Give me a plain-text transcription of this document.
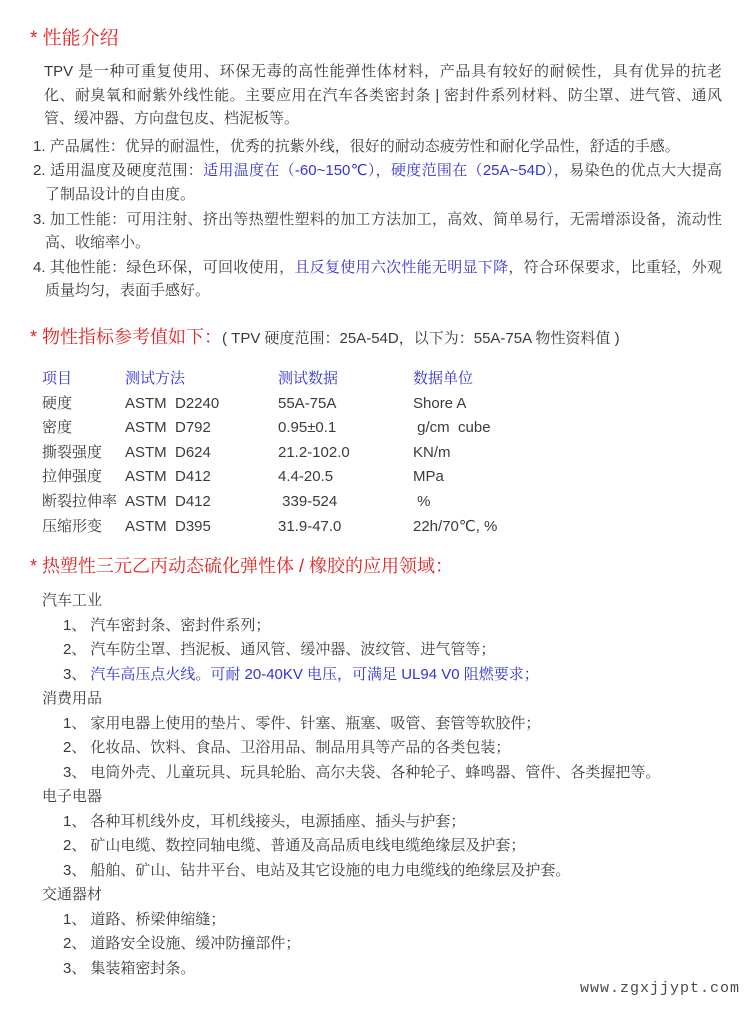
* 性能介绍

TPV 是一种可重复使用、环保无毒的高性能弹性体材料，产品具有较好的耐候性，具有优异的抗老化、耐臭氧和耐紫外线性能。主要应用在汽车各类密封条 | 密封件系列材料、防尘罩、进气管、通风管、缓冲器、方向盘包皮、档泥板等。

1. 产品属性：优异的耐温性，优秀的抗紫外线，很好的耐动态疲劳性和耐化学品性，舒适的手感。
2. 适用温度及硬度范围：适用温度在（-60~150℃），硬度范围在（25A~54D），易染色的优点大大提高了制品设计的自由度。
3. 加工性能：可用注射、挤出等热塑性塑料的加工方法加工，高效、简单易行，无需增添设备，流动性高、收缩率小。
4. 其他性能：绿色环保，可回收使用，且反复使用六次性能无明显下降，符合环保要求，比重轻，外观质量均匀，表面手感好。
* 物性指标参考值如下：( TPV 硬度范围：25A-54D，以下为：55A-75A 物性资料值 )
项目	测试方法	测试数据	数据单位
硬度	ASTM  D2240	55A-75A	Shore A
密度	ASTM  D792	0.95±0.1	g/cm  cube
撕裂强度	ASTM  D624	21.2-102.0	KN/m
拉伸强度	ASTM  D412	4.4-20.5	MPa
断裂拉伸率 ASTM  D412	339-524	%
压缩形变	ASTM  D395	31.9-47.0	22h/70℃, %
* 热塑性三元乙丙动态硫化弹性体 / 橡胶的应用领域：
汽车工业
1、 汽车密封条、密封件系列；
2、 汽车防尘罩、挡泥板、通风管、缓冲器、波纹管、进气管等；
3、 汽车高压点火线。可耐 20-40KV 电压，可满足 UL94 V0 阻燃要求；
消费用品
1、 家用电器上使用的垫片、零件、针塞、瓶塞、吸管、套管等软胶件；
2、 化妆品、饮料、食品、卫浴用品、制品用具等产品的各类包装；
3、 电筒外壳、儿童玩具、玩具轮胎、高尔夫袋、各种轮子、蜂鸣器、管件、各类握把等。
电子电器
1、 各种耳机线外皮，耳机线接头，电源插座、插头与护套；
2、 矿山电缆、数控同轴电缆、普通及高品质电线电缆绝缘层及护套；
3、 船舶、矿山、钻井平台、电站及其它设施的电力电缆线的绝缘层及护套。
交通器材
1、 道路、桥梁伸缩缝；
2、 道路安全设施、缓冲防撞部件；
3、 集装箱密封条。
www.zgxjjypt.com
